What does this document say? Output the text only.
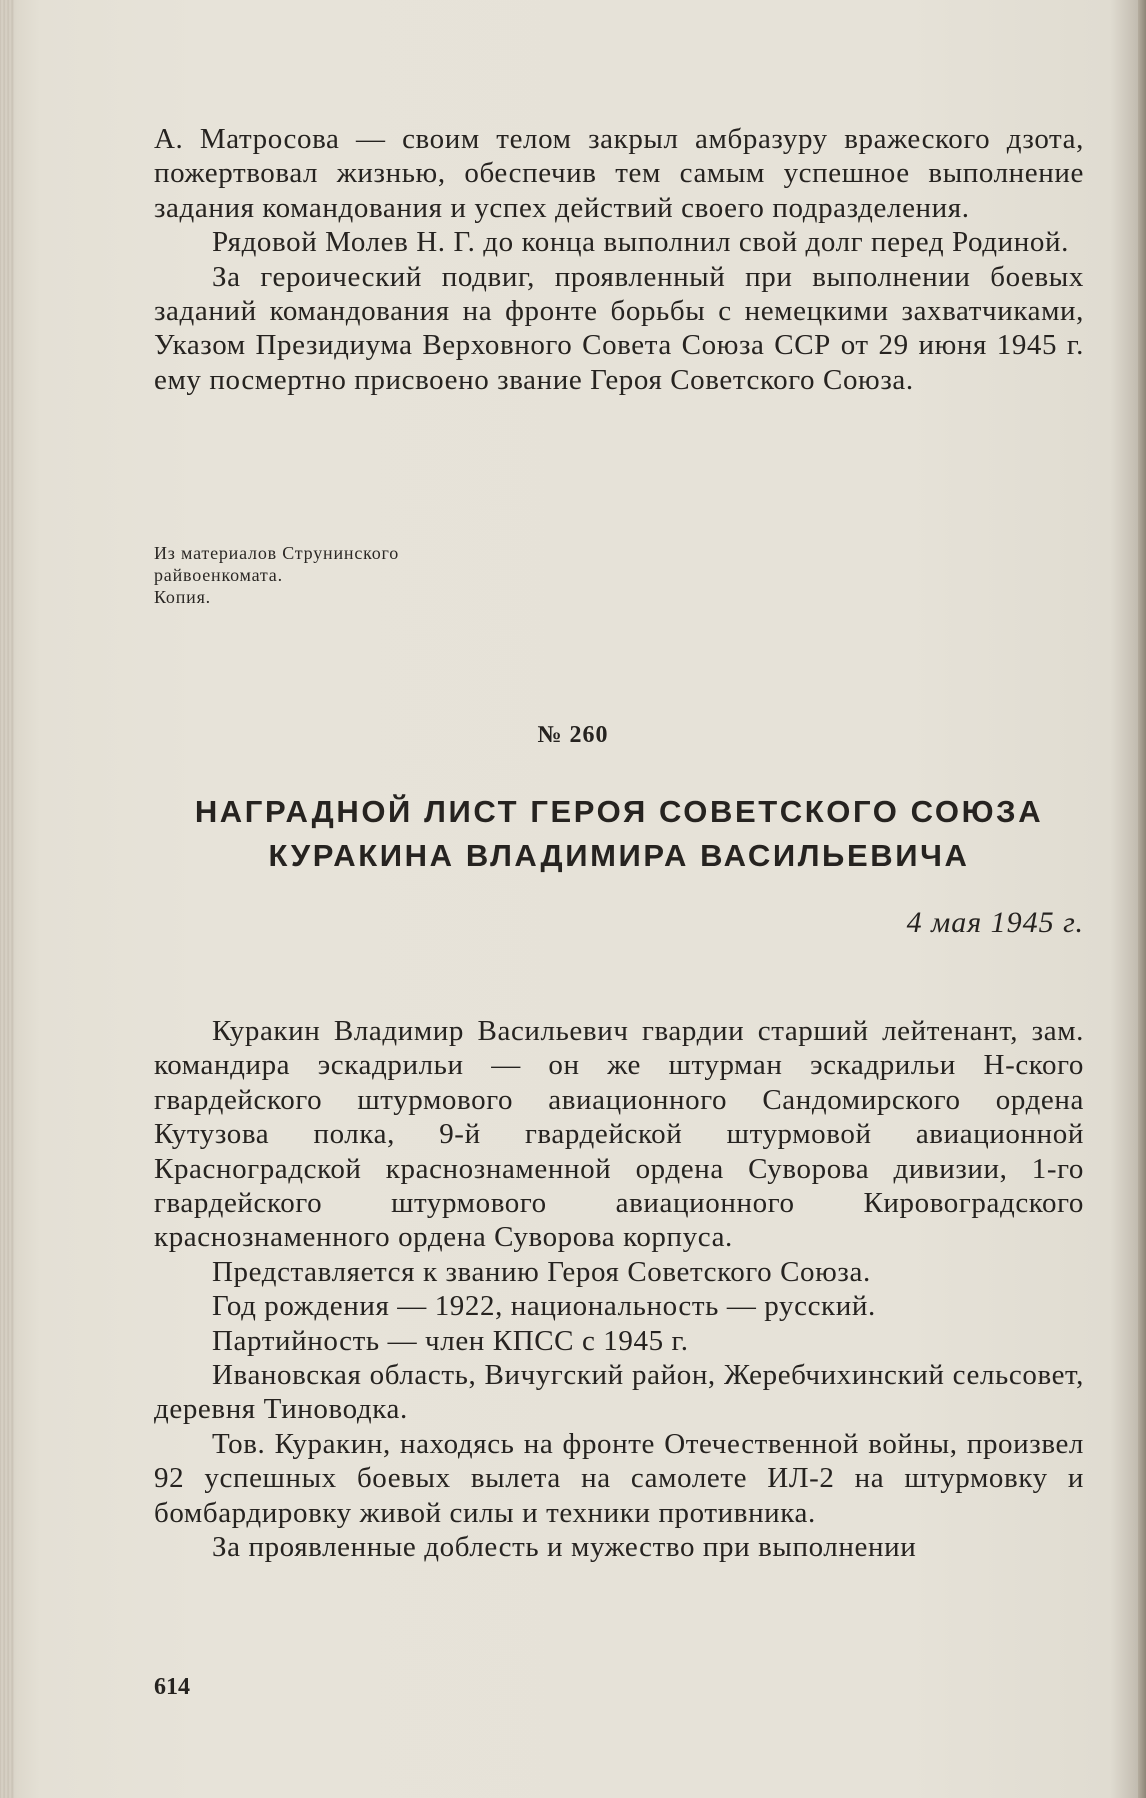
А. Матросова — своим телом закрыл амбразуру вражеского дзота, пожертвовал жизнью, обеспечив тем самым успешное выполнение задания командования и успех действий своего подразделения.

Рядовой Молев Н. Г. до конца выполнил свой долг перед Родиной.

За героический подвиг, проявленный при выполнении боевых заданий командования на фронте борьбы с немецкими захватчиками, Указом Президиума Верховного Совета Союза ССР от 29 июня 1945 г. ему посмертно присвоено звание Героя Советского Союза.

Из материалов Струнинского
райвоенкомата.
Копия.
№ 260
НАГРАДНОЙ ЛИСТ ГЕРОЯ СОВЕТСКОГО СОЮЗА
КУРАКИНА ВЛАДИМИРА ВАСИЛЬЕВИЧА
4 мая 1945 г.

Куракин Владимир Васильевич гвардии старший лейтенант, зам. командира эскадрильи — он же штурман эскадрильи Н-ского гвардейского штурмового авиационного Сандомирского ордена Кутузова полка, 9-й гвардейской штурмовой авиационной Красноградской краснознаменной ордена Суворова дивизии, 1-го гвардейского штурмового авиационного Кировоградского краснознаменного ордена Суворова корпуса.

Представляется к званию Героя Советского Союза.

Год рождения — 1922, национальность — русский.

Партийность — член КПСС с 1945 г.

Ивановская область, Вичугский район, Жеребчихинский сельсовет, деревня Тиноводка.

Тов. Куракин, находясь на фронте Отечественной войны, произвел 92 успешных боевых вылета на самолете ИЛ-2 на штурмовку и бомбардировку живой силы и техники противника.

За проявленные доблесть и мужество при выполнении

614
